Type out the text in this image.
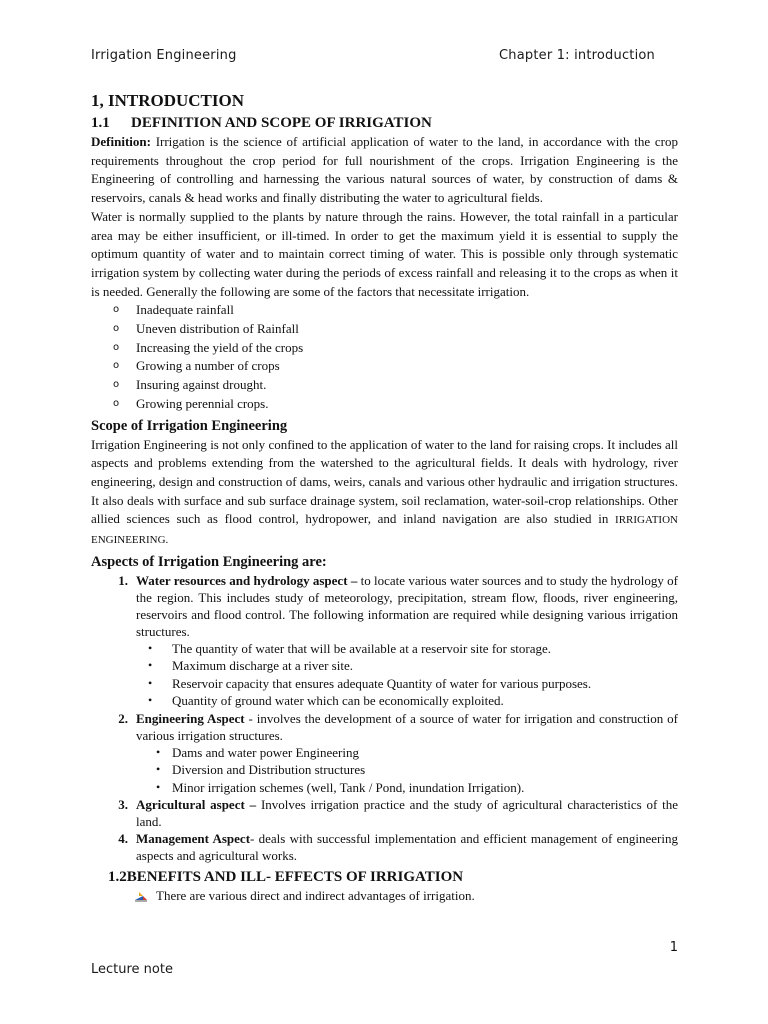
Irrigation Engineering	Chapter 1: introduction
1, INTRODUCTION
1.1	DEFINITION AND SCOPE OF IRRIGATION

Definition: Irrigation is the science of artificial application of water to the land, in accordance with the crop requirements throughout the crop period for full nourishment of the crops. Irrigation Engineering is the Engineering of controlling and harnessing the various natural sources of water, by construction of dams & reservoirs, canals & head works and finally distributing the water to agricultural fields.

Water is normally supplied to the plants by nature through the rains. However, the total rainfall in a particular area may be either insufficient, or ill-timed. In order to get the maximum yield it is essential to supply the optimum quantity of water and to maintain correct timing of water. This is possible only through systematic irrigation system by collecting water during the periods of excess rainfall and releasing it to the crops as when it is needed. Generally the following are some of the factors that necessitate irrigation.

o	Inadequate rainfall
o	Uneven distribution of Rainfall
o	Increasing the yield of the crops
o	Growing a number of crops
o	Insuring against drought.
o	Growing perennial crops.
Scope of Irrigation Engineering

Irrigation Engineering is not only confined to the application of water to the land for raising crops. It includes all aspects and problems extending from the watershed to the agricultural fields. It deals with hydrology, river engineering, design and construction of dams, weirs, canals and various other hydraulic and irrigation structures. It also deals with surface and sub surface drainage system, soil reclamation, water-soil-crop relationships. Other allied sciences such as flood control, hydropower, and inland navigation are also studied in IRRIGATION ENGINEERING.

Aspects of Irrigation Engineering are:
1. Water resources and hydrology aspect – to locate various water sources and to study the hydrology of the region. This includes study of meteorology, precipitation, stream flow, floods, river engineering, reservoirs and flood control. The following information are required while designing various irrigation structures.
•	The quantity of water that will be available at a reservoir site for storage.
•	Maximum discharge at a river site.
•	Reservoir capacity that ensures adequate Quantity of water for various purposes.
•	Quantity of ground water which can be economically exploited.
2. Engineering Aspect - involves the development of a source of water for irrigation and construction of various irrigation structures.
• Dams and water power Engineering
• Diversion and Distribution structures
• Minor irrigation schemes (well, Tank / Pond, inundation Irrigation).
3. Agricultural aspect – Involves irrigation practice and the study of agricultural characteristics of the land.
4. Management Aspect- deals with successful implementation and efficient management of engineering aspects and agricultural works.
1.2BENEFITS AND ILL- EFFECTS OF IRRIGATION
There are various direct and indirect advantages of irrigation.
1
Lecture note
